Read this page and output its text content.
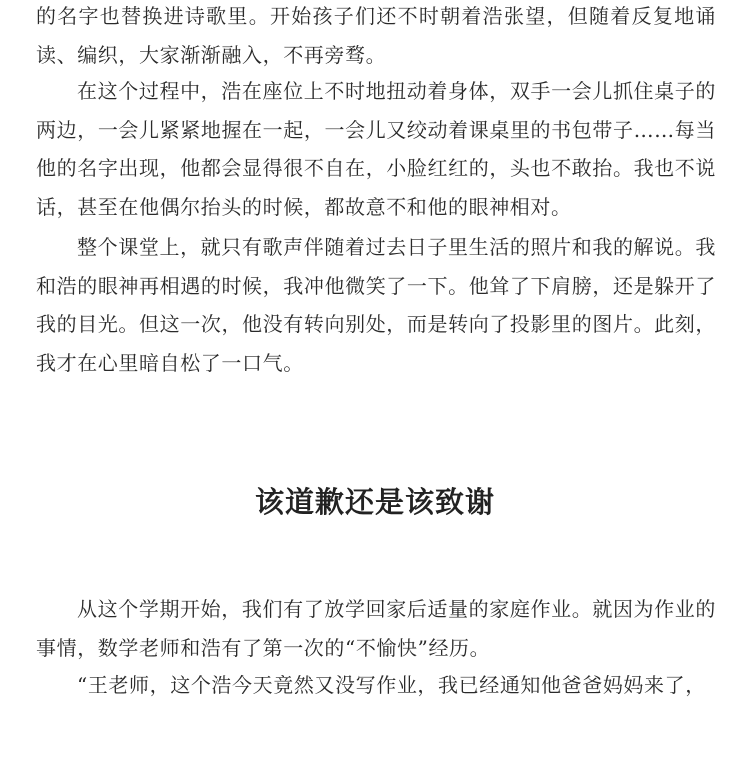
的名字也替换进诗歌里。开始孩子们还不时朝着浩张望，但随着反复地诵读、编织，大家渐渐融入，不再旁骛。

在这个过程中，浩在座位上不时地扭动着身体，双手一会儿抓住桌子的两边，一会儿紧紧地握在一起，一会儿又绞动着课桌里的书包带子……每当他的名字出现，他都会显得很不自在，小脸红红的，头也不敢抬。我也不说话，甚至在他偶尔抬头的时候，都故意不和他的眼神相对。

整个课堂上，就只有歌声伴随着过去日子里生活的照片和我的解说。我和浩的眼神再相遇的时候，我冲他微笑了一下。他耸了下肩膀，还是躲开了我的目光。但这一次，他没有转向别处，而是转向了投影里的图片。此刻，我才在心里暗自松了一口气。

该道歉还是该致谢

从这个学期开始，我们有了放学回家后适量的家庭作业。就因为作业的事情，数学老师和浩有了第一次的“不愉快”经历。

“王老师，这个浩今天竟然又没写作业，我已经通知他爸爸妈妈来了，
